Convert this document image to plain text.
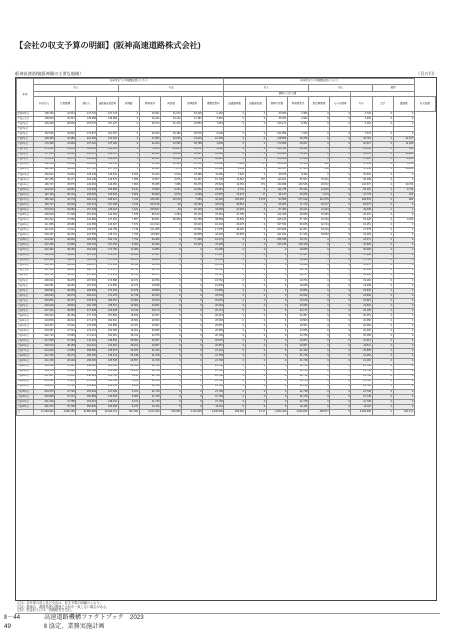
【会社の収支予算の明細】(阪神高速道路株式会社)
阪神高速道路(阪神圏の主要な地域）	（百万円）
年度	前年度までの実施額を除いたもの									前年度までの実施額を除いたもの									
	収入				支出					収入				支出			費用		
										債務への計上額									
	料金収入	計数整理	雑収入	道路資産賃借料	管理費	債務返済	再評価	財務費用	機構賃借料	減価償却費	道路建設費	債務引受額	新規事業等	財投機関債	その他債務	利子	合計	償還額	収支差額
昭和63年度	108,160	41,524	147,723	147,723	0	16,391	31,672	53,405	4,152	0	0	30,850	2,383	0	0	3,740	0	0	
平成元年度	108,824	40,347	149,988	149,988	0	16,434	33,144	27,487	3,987	0	0	36,000	2,962	0	0	2,960	0	0	
平成2年度	128,326	28,906	157,070	157,070	0	29,470	41,410	24,554	7,551	0	0	133,171	6,351	0	0	3,163	0	0	
平成3年度																			
平成4年度	132,508	40,802	174,507	161,397	0	26,446	15,180	25,579	6,028	0	0	141,856	7,343	0	0	7,343	0	0	
平成5年度	169,408	42,486	214,266	211,322	0	27,283	10,816	21,616	10,293	0	0	128,806	48,780	0	0	46,760	0	21,517	
平成6年度	170,208	41,994	137,422	137,180	0	22,220	10,535	46,758	1,606	0	0	172,806	26,637	0	0	20,327	0	11,036	
平成7年度	175,463	43,434	132,318	132,318	0	76,604	21,065	64,572	6,082	0	0	142,521	22,064	0	0	22,390	0	503	
平成8年度	177,324	43,402	133,575	133,575	0	22,991	16,214	63,917	16,568	0	0	209,880	65,116	0	0	65,178	0	16,990	
平成9年度	179,972	43,676	136,606	136,606	0	22,451	23,482	23,796	16,321	0	0	136,866	27,629	0	0	27,825	0	2,223	
平成10年度	182,366	43,328	139,038	139,038	0	67,604	32,198	46,766	20,582	1,160	67	126,390	67,060	632	0	67,539	0	8,768	
平成11年度	182,920	44,686	137,720	137,720	0	45,831	7,876	24,712	12,498	3,844	0	114,317	47,605	252	0	47,844	0	18,468	
平成12年度	190,812	44,946	148,948	145,542	6,464	24,423	3,010	33,388	11,259	1,940	0	99,875	8,352	0	0	15,532	0	0	
平成13年度	187,356	46,177	153,448	146,879	7,068	72,507	3,876	16,397	15,728	11,518	157	113,021	36,567	15,611	0	66,098	0	0	
平成14年度	196,737	45,575	149,953	140,953	7,864	55,385	7,895	65,276	25,526	14,052	372	134,898	130,546	16,872	0	116,570	0	40,734	
平成15年度	204,610	44,562	133,605	125,596	8,131	73,860	9,244	43,262	22,521	9,732	0	111,475	55,331	14,925	0	64,315	0	2,736	
平成16年度	197,406	45,732	138,055	130,846	6,822	55,960	4,672	9,469	21,978	12,976	17	96,147	25,045	7,273	0	27,778	0	164	
平成17年度	189,162	44,778	194,131	186,847	7,116	165,452	45,078	7,650	30,293	155,456	5,578	94,809	277,049	114,376	0	306,578	0	922	
平成18年度	196,737	33,218	164,474	157,068	7,109	103,136	63	30,460	33,034	49,563	0	96,003	71,722	29,717	0	63,375	0	0	
平成19年度	204,510	32,082	157,446	149,023	7,422	105,667	42	15,148	34,506	22,905	0	67,493	26,101	14,443	0	49,308	0	0	
平成20年度	208,518	47,308	151,318	143,569	7,578	85,510	1,360	35,133	33,481	21,785	0	134,409	38,808	15,260	0	20,461	0	0	
平成21年度	216,322	47,968	144,899	137,002	7,897	96,981	66,968	63,788	38,899	10,569	0	245,010	67,333	10,762	0	29,328	0	2,180	
平成22年度	211,956	48,986	142,586	134,927	7,672	104,314	0	46,910	16,233	26,678	0	197,534	66,815	32,744	0	61,251	0	0	
平成23年度	211,519	47,610	154,537	146,789	7,748	121,085	0	57,531	17,578	49,265	0	203,866	91,857	64,216	0	17,578	0	0	
平成24年度	216,337	49,200	143,556	135,791	7,765	115,082	0	80,858	43,429	52,569	0	241,831	67,333	33,562	0	43,429	0	0	
平成25年度	214,322	48,946	160,536	152,742	7,794	94,489	0	77,396	16,471	0	0	266,536	18,471	0	0	16,471	0	0	
平成26年度	212,366	41,868	165,326	157,062	8,264	94,448	0	64,415	76,328	0	0	160,246	126,118	0	0	76,328	0	0	
平成27年度	222,452	48,180	184,282	171,760	12,480	14,885	0	0	16,095	0	0	0	18,695	0	0	35,096	0	0	
平成28年度	222,859	48,880	187,058	174,597	12,660	17,657	0	0	17,637	0	0	0	17,657	0	0	17,180	0	0	
平成29年度	226,108	49,238	188,039	177,160	12,879	18,986	0	0	18,986	0	0	0	18,986	0	0	17,729	0	0	
平成30年度	228,503	49,668	188,807	176,160	12,652	18,656	0	0	18,656	0	0	0	18,656	0	0	18,457	0	0	
令和元年度	227,049	49,616	188,737	175,972	12,750	18,752	0	0	18,752	0	0	0	18,752	0	0	18,146	0	0	
令和2年度	226,788	49,530	187,600	174,941	12,704	19,727	0	0	19,727	0	0	0	19,727	0	0	19,184	0	0	
令和3年度	228,020	49,478	187,518	174,898	12,673	19,764	0	0	19,764	0	0	0	19,764	0	0	19,184	0	0	
令和4年度	228,451	49,265	187,533	174,859	12,674	19,838	0	0	19,838	0	0	0	19,838	0	0	19,338	0	0	
令和5年度	228,564	49,365	183,835	170,256	13,579	19,869	0	0	19,869	0	0	0	19,869	0	0	19,540	0	0	
令和6年度	229,663	49,576	183,012	171,276	11,736	20,032	0	0	20,032	0	0	0	20,032	0	0	19,900	0	0	
令和7年度	230,841	49,767	178,947	165,951	12,996	20,016	0	0	20,016	0	0	0	20,016	0	0	19,916	0	0	
令和8年度	229,916	49,846	181,105	168,874	12,504	20,082	0	0	20,082	0	0	0	20,082	0	0	19,804	0	0	
令和9年度	227,410	46,630	177,638	164,528	13,110	20,173	0	0	20,173	0	0	0	20,173	0	0	20,196	0	0	
令和10年度	225,512	48,184	177,715	157,882	19,833	20,467	0	0	20,467	0	0	0	20,467	0	0	20,251	0	0	
令和11年度	223,836	48,224	171,473	152,891	18,582	20,503	0	0	20,503	0	0	0	20,503	0	0	20,358	0	0	
令和12年度	223,307	47,602	175,056	152,889	22,167	20,567	0	0	20,567	0	0	0	20,567	0	0	20,450	0	0	
令和13年度	223,067	47,712	172,272	152,968	19,304	20,665	0	0	20,665	0	0	0	20,665	0	0	20,482	0	0	
令和14年度	222,734	47,886	171,613	152,891	18,722	20,765	0	0	20,765	0	0	0	20,765	0	0	20,485	0	0	
令和15年度	217,529	47,763	174,119	145,566	28,553	20,937	0	0	20,937	0	0	0	20,937	0	0	20,513	0	0	
令和16年度	216,572	48,168	161,312	132,910	28,402	20,967	0	0	20,967	0	0	0	20,967	0	0	20,511	0	0	
令和17年度	214,029	47,880	168,896	136,876	32,020	21,422	0	0	21,422	0	0	0	21,422	0	0	20,895	0	0	
令和18年度	212,762	48,173	155,150	130,132	25,018	21,748	0	0	21,748	0	0	0	21,748	0	0	21,160	0	0	
令和19年度	211,709	48,129	150,065	125,508	24,557	21,748	0	0	21,748	0	0	0	21,748	0	0	21,160	0	0	
令和20年度	206,546	47,866	148,590	126,091	22,499	21,748	0	0	21,748	0	0	0	21,748	0	0	21,748	0	0	
令和21年度	208,746	47,866	150,794	136,644	14,150	21,748	0	0	21,748	0	0	0	21,748	0	0	21,748	0	0	
令和22年度	207,027	47,856	156,921	150,705	6,216	21,748	0	0	21,748	0	0	0	21,748	0	0	21,748	0	0	
令和23年度	205,596	47,811	157,064	150,798	6,266	21,748	0	0	21,748	0	0	0	21,748	0	0	21,748	0	0	
令和24年度	204,272	47,792	155,902	149,634	6,268	21,748	0	0	21,748	0	0	0	21,748	0	0	21,748	0	0	
令和25年度	204,370	47,749	153,904	147,532	6,372	21,748	0	0	21,748	0	0	0	21,748	0	0	21,748	0	0	
令和26年度	203,609	47,727	150,889	144,603	6,286	21,748	0	0	21,748	0	0	0	21,748	0	0	21,748	0	0	
令和27年度	201,318	47,786	154,313	148,041	6,272	21,748	0	0	21,748	0	0	0	21,748	0	0	21,748	0	0	
令和28年度	201,372	47,708	160,820	154,548	6,272	10,116	0	0	10,116	0	0	0	10,116	0	0	10,116	0	0	
計	14,184,660	3,680,150	10,850,966	10,043,712	807,254	2,617,000	503,806	1,118,900	2,039,990	486,300	6,717	3,824,325	3,084,815	466,877	0	3,054,060	0	181,172	
（注1）各年度の収入及び支出は、収支予算の明細のとおり。
（注2）数値は、端数処理の関係で合計が一致しない場合がある。
（注3）料金収入には、消費税等を含む。
Ⅱ－44
49
高速道路機構ファクトブック　2023
Ⅱ 協定、業務実施計画
